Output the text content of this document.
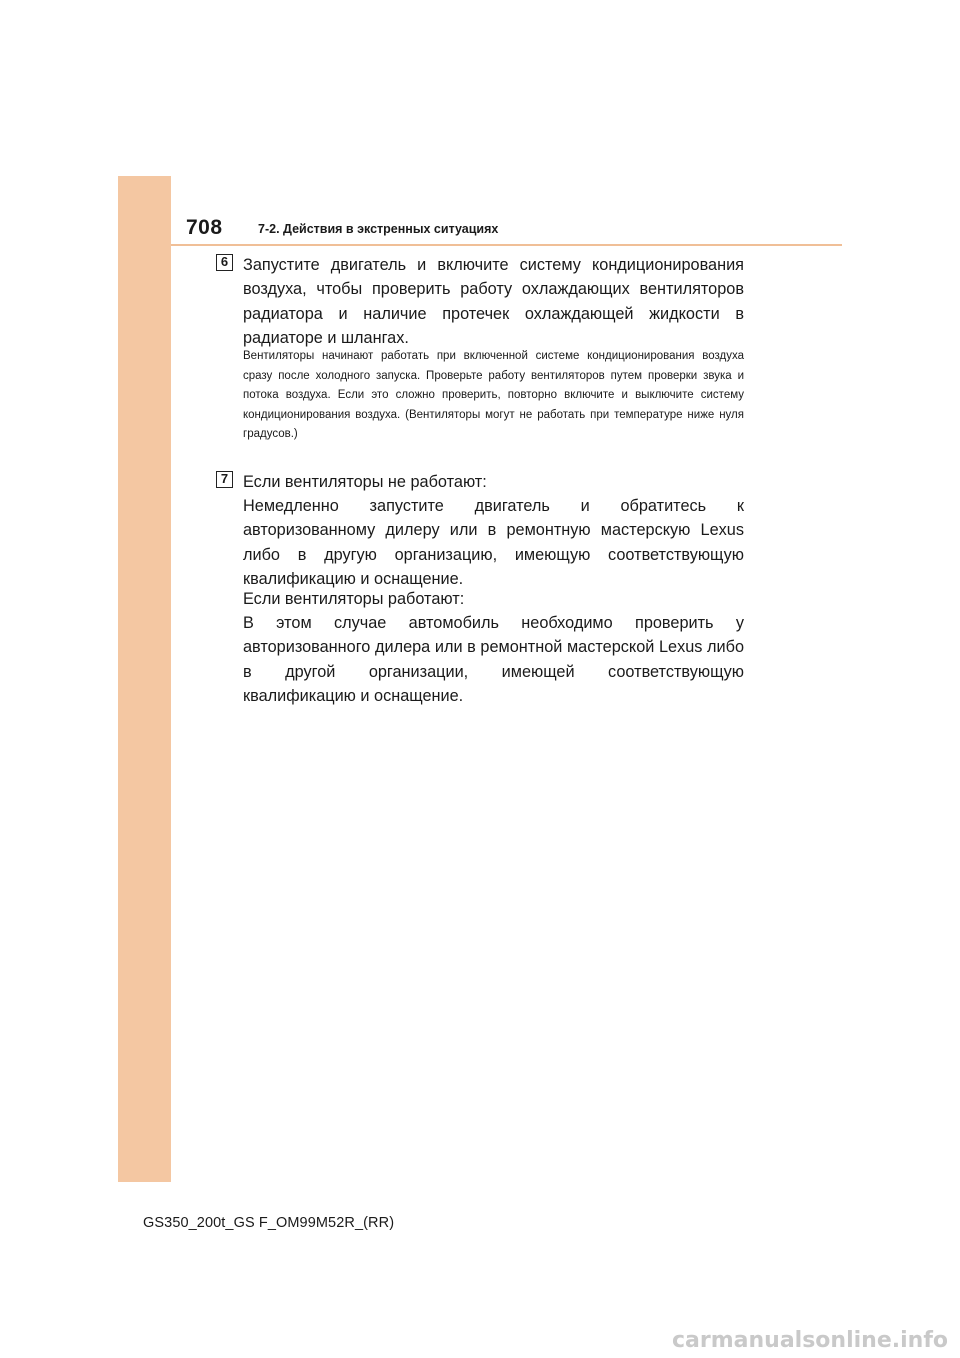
708	7-2. Действия в экстренных ситуациях
6 Запустите двигатель и включите систему кондиционирования воздуха, чтобы проверить работу охлаждающих вентиляторов радиатора и наличие протечек охлаждающей жидкости в радиаторе и шлангах.

Вентиляторы начинают работать при включенной системе кондиционирования воздуха сразу после холодного запуска. Проверьте работу вентиляторов путем проверки звука и потока воздуха. Если это сложно проверить, повторно включите и выключите систему кондиционирования воздуха. (Вентиляторы могут не работать при температуре ниже нуля градусов.)

7 Если вентиляторы не работают:

Немедленно запустите двигатель и обратитесь к авторизованному дилеру или в ремонтную мастерскую Lexus либо в другую организацию, имеющую соответствующую квалификацию и оснащение.

Если вентиляторы работают:

В этом случае автомобиль необходимо проверить у авторизованного дилера или в ремонтной мастерской Lexus либо в другой организации, имеющей соответствующую квалификацию и оснащение.

GS350_200t_GS F_OM99M52R_(RR)
carmanualsonline.info
